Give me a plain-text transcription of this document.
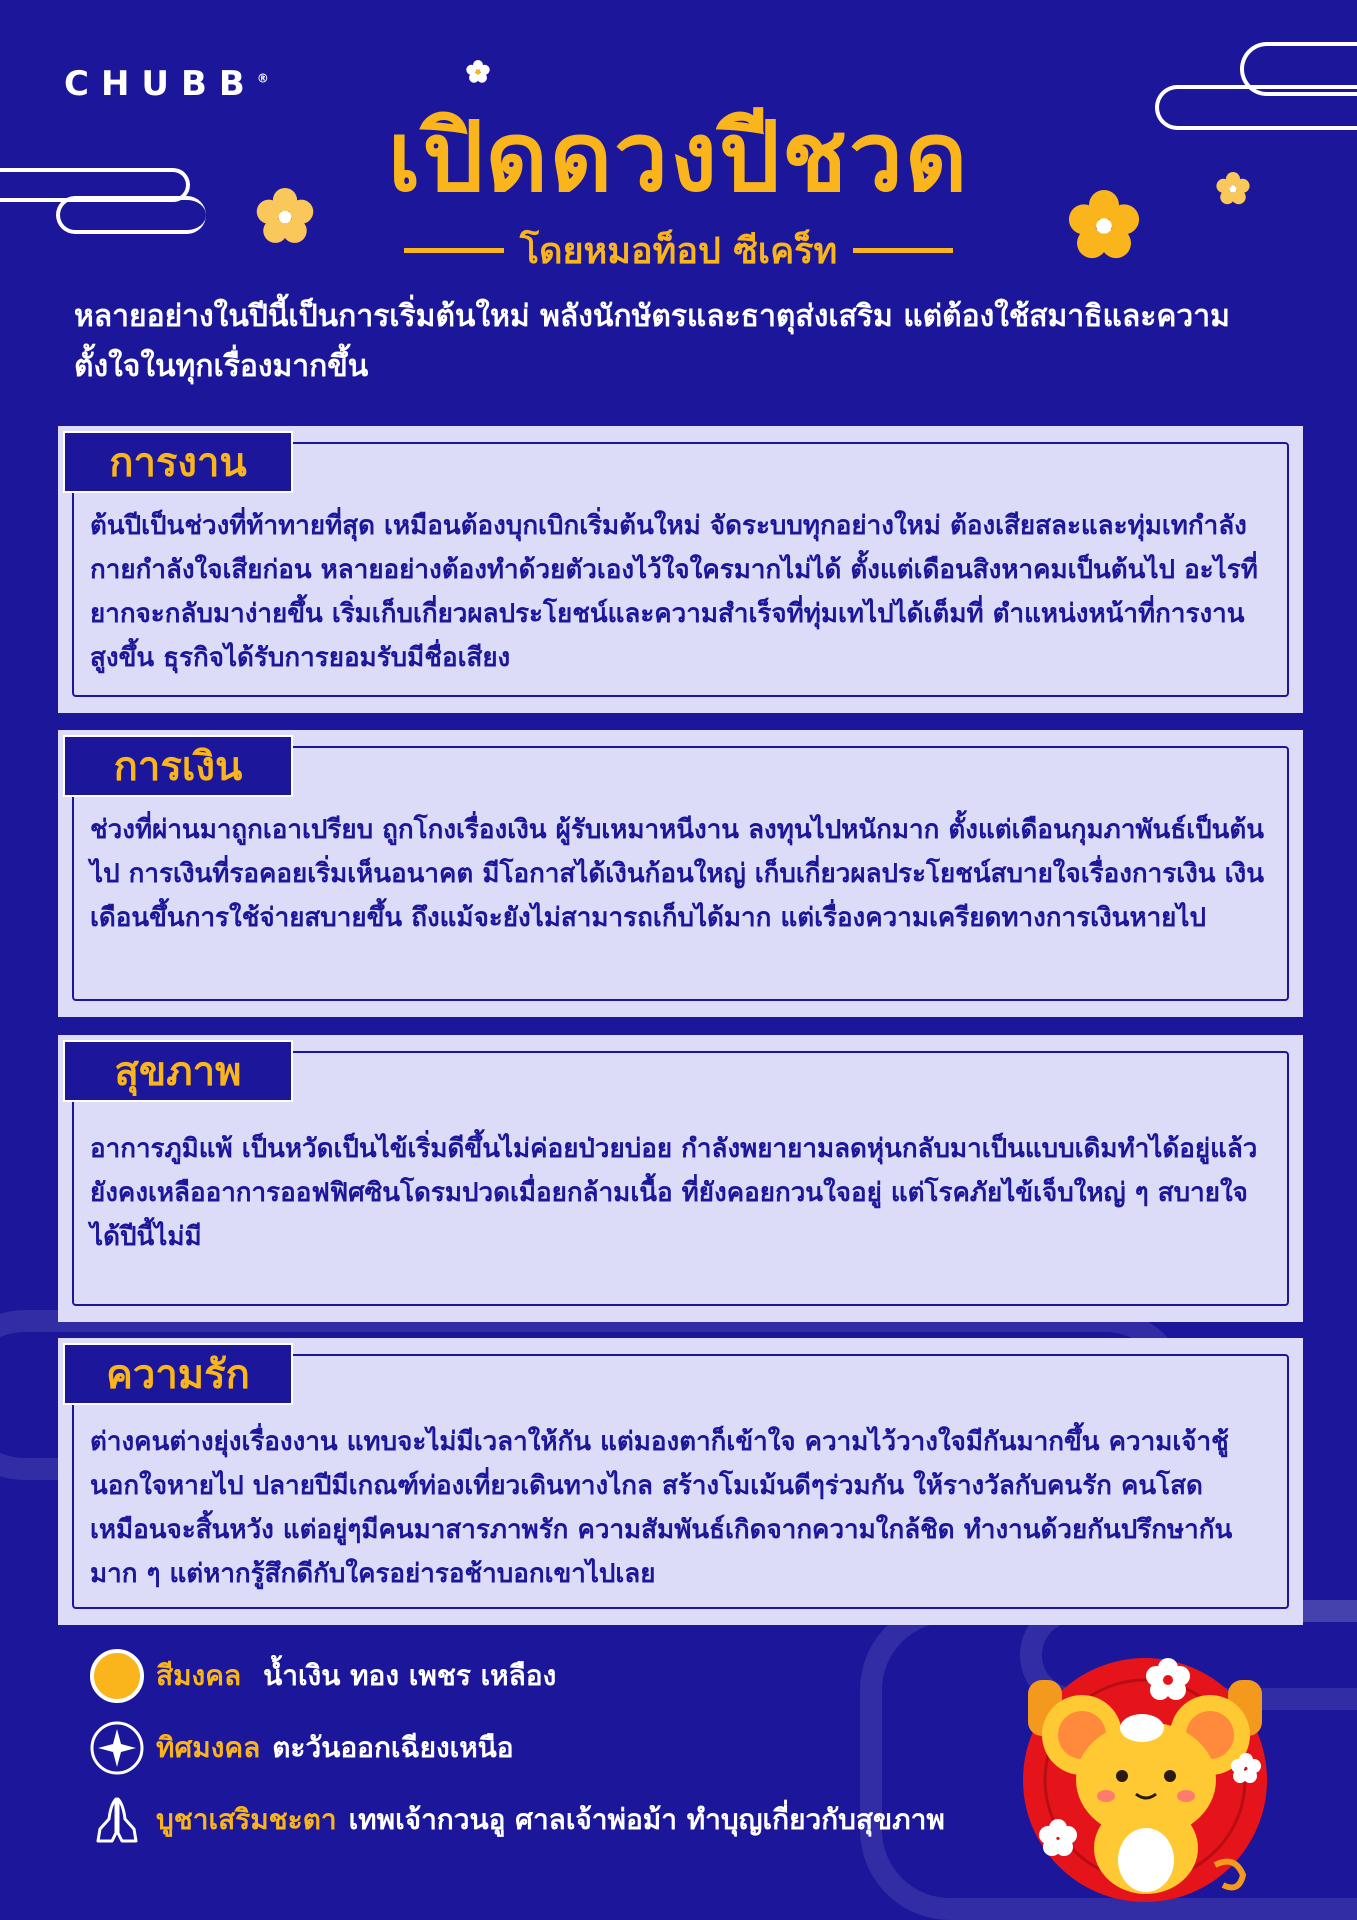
CHUBB®
เปิดดวงปีชวด
โดยหมอท็อป ซีเคร็ท
หลายอย่างในปีนี้เป็นการเริ่มต้นใหม่ พลังนักษัตรและธาตุส่งเสริม แต่ต้องใช้สมาธิและความตั้งใจในทุกเรื่องมากขึ้น
การงาน
ต้นปีเป็นช่วงที่ท้าทายที่สุด เหมือนต้องบุกเบิกเริ่มต้นใหม่ จัดระบบทุกอย่างใหม่ ต้องเสียสละและทุ่มเทกำลังกายกำลังใจเสียก่อน หลายอย่างต้องทำด้วยตัวเองไว้ใจใครมากไม่ได้ ตั้งแต่เดือนสิงหาคมเป็นต้นไป อะไรที่ยากจะกลับมาง่ายขึ้น เริ่มเก็บเกี่ยวผลประโยชน์และความสำเร็จที่ทุ่มเทไปได้เต็มที่ ตำแหน่งหน้าที่การงานสูงขึ้น ธุรกิจได้รับการยอมรับมีชื่อเสียง
การเงิน
ช่วงที่ผ่านมาถูกเอาเปรียบ ถูกโกงเรื่องเงิน ผู้รับเหมาหนีงาน ลงทุนไปหนักมาก ตั้งแต่เดือนกุมภาพันธ์เป็นต้นไป การเงินที่รอคอยเริ่มเห็นอนาคต มีโอกาสได้เงินก้อนใหญ่ เก็บเกี่ยวผลประโยชน์สบายใจเรื่องการเงิน เงินเดือนขึ้นการใช้จ่ายสบายขึ้น ถึงแม้จะยังไม่สามารถเก็บได้มาก แต่เรื่องความเครียดทางการเงินหายไป
สุขภาพ
อาการภูมิแพ้ เป็นหวัดเป็นไข้เริ่มดีขึ้นไม่ค่อยป่วยบ่อย กำลังพยายามลดหุ่นกลับมาเป็นแบบเดิมทำได้อยู่แล้ว ยังคงเหลืออาการออฟฟิศซินโดรมปวดเมื่อยกล้ามเนื้อ ที่ยังคอยกวนใจอยู่ แต่โรคภัยไข้เจ็บใหญ่ ๆ สบายใจได้ปีนี้ไม่มี
ความรัก
ต่างคนต่างยุ่งเรื่องงาน แทบจะไม่มีเวลาให้กัน แต่มองตาก็เข้าใจ ความไว้วางใจมีกันมากขึ้น ความเจ้าชู้นอกใจหายไป ปลายปีมีเกณฑ์ท่องเที่ยวเดินทางไกล สร้างโมเม้นดีๆร่วมกัน ให้รางวัลกับคนรัก คนโสดเหมือนจะสิ้นหวัง แต่อยู่ๆมีคนมาสารภาพรัก ความสัมพันธ์เกิดจากความใกล้ชิด ทำงานด้วยกันปรึกษากันมาก ๆ แต่หากรู้สึกดีกับใครอย่ารอช้าบอกเขาไปเลย
สีมงคล น้ำเงิน ทอง เพชร เหลือง
ทิศมงคล ตะวันออกเฉียงเหนือ
บูชาเสริมชะตา เทพเจ้ากวนอู ศาลเจ้าพ่อม้า ทำบุญเกี่ยวกับสุขภาพ
